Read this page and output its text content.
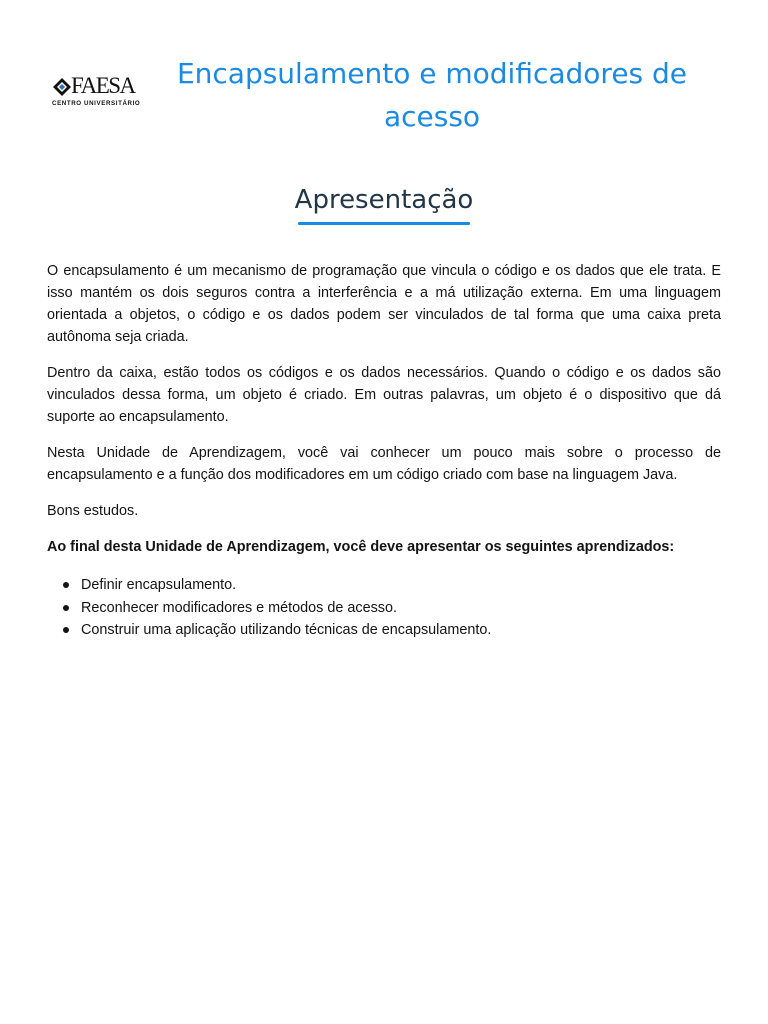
FAESA
CENTRO UNIVERSITÁRIO
Encapsulamento e modificadores de
acesso
Apresentação

O encapsulamento é um mecanismo de programação que vincula o código e os dados que ele trata. E isso mantém os dois seguros contra a interferência e a má utilização externa. Em uma linguagem orientada a objetos, o código e os dados podem ser vinculados de tal forma que uma caixa preta autônoma seja criada.

Dentro da caixa, estão todos os códigos e os dados necessários. Quando o código e os dados são vinculados dessa forma, um objeto é criado. Em outras palavras, um objeto é o dispositivo que dá suporte ao encapsulamento.

Nesta Unidade de Aprendizagem, você vai conhecer um pouco mais sobre o processo de encapsulamento e a função dos modificadores em um código criado com base na linguagem Java.

Bons estudos.

Ao final desta Unidade de Aprendizagem, você deve apresentar os seguintes aprendizados:

Definir encapsulamento.
Reconhecer modificadores e métodos de acesso.
Construir uma aplicação utilizando técnicas de encapsulamento.
